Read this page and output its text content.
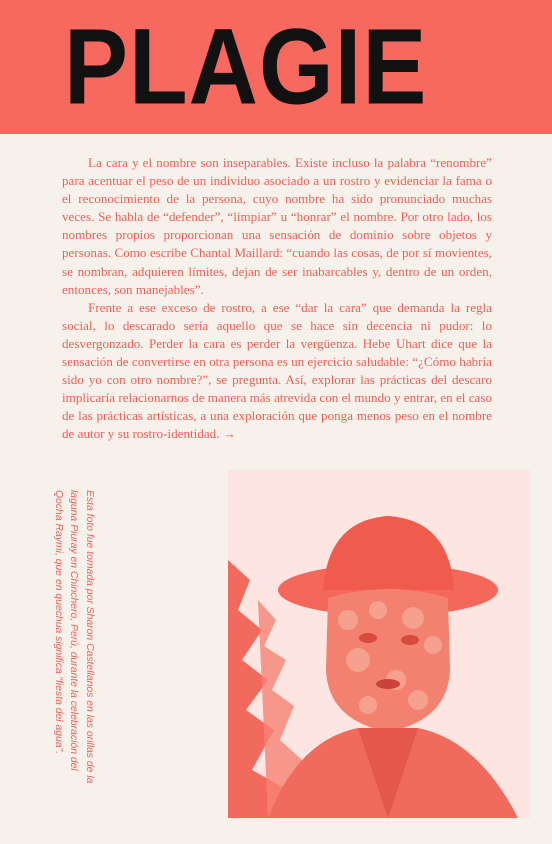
PLAGIE

La cara y el nombre son inseparables. Existe incluso la palabra “renombre” para acentuar el peso de un individuo asociado a un rostro y evidenciar la fama o el reconocimiento de la persona, cuyo nombre ha sido pronunciado muchas veces. Se habla de “defender”, “limpiar” u “honrar” el nombre. Por otro lado, los nombres propios proporcionan una sensación de dominio sobre objetos y personas. Como escribe Chantal Maillard: “cuando las cosas, de por sí movientes, se nombran, adquieren límites, dejan de ser inabarcables y, dentro de un orden, entonces, son manejables”.

Frente a ese exceso de rostro, a ese “dar la cara” que demanda la regla social, lo descarado sería aquello que se hace sin decencia ni pudor: lo desvergonzado. Perder la cara es perder la vergüenza. Hebe Uhart dice que la sensación de convertirse en otra persona es un ejercicio saludable: “¿Cómo habría sido yo con otro nombre?”, se pregunta. Así, explorar las prácticas del descaro implicaría relacionarnos de manera más atrevida con el mundo y entrar, en el caso de las prácticas artísticas, a una exploración que ponga menos peso en el nombre de autor y su rostro-identidad. →

Esta foto fue tomada por Sharon Castellanos en las orillas de la laguna Piuray en Chinchero, Perú, durante la celebración del Qocha Raymi, que en quechua significa “fiesta del agua”.
